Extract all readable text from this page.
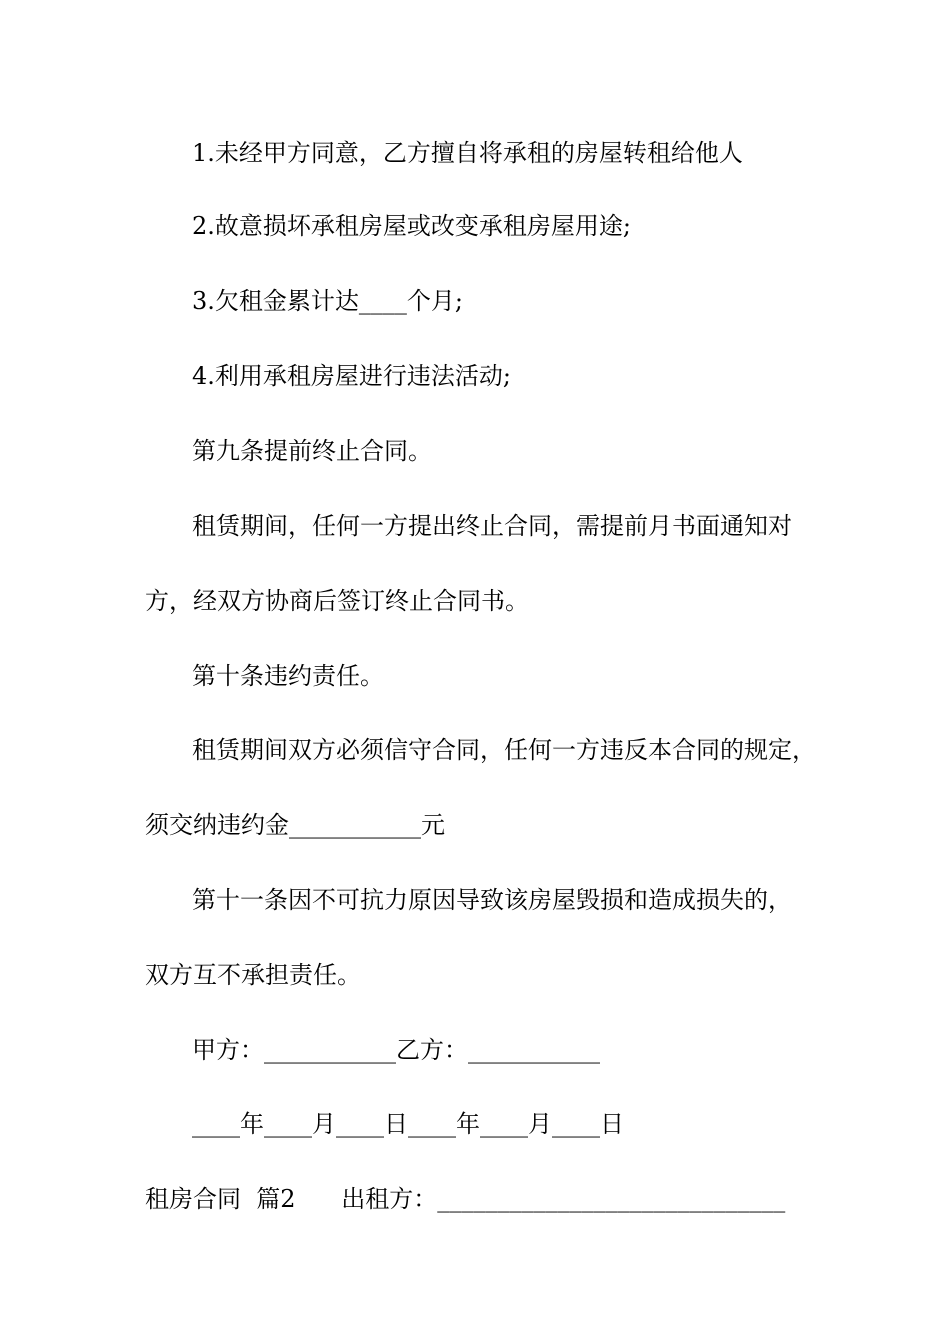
1.未经甲方同意，乙方擅自将承租的房屋转租给他人
2.故意损坏承租房屋或改变承租房屋用途;
3.欠租金累计达____个月;
4.利用承租房屋进行违法活动;
第九条提前终止合同。
租赁期间，任何一方提出终止合同，需提前月书面通知对
方，经双方协商后签订终止合同书。
第十条违约责任。
租赁期间双方必须信守合同，任何一方违反本合同的规定，
须交纳违约金___________元
第十一条因不可抗力原因导致该房屋毁损和造成损失的，
双方互不承担责任。
甲方：___________乙方：___________
____年____月____日____年____月____日
租房合同  篇2      出租方：_____________________________
